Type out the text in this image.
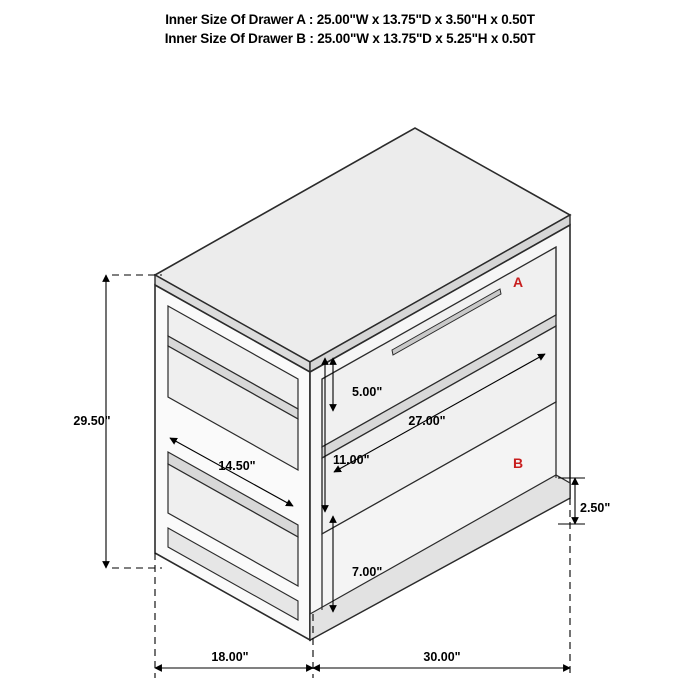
Inner Size Of Drawer A : 25.00"W x 13.75"D x 3.50"H x 0.50T
Inner Size Of Drawer B : 25.00"W x 13.75"D x 5.25"H x 0.50T
29.50"
14.50"
27.00"
5.00"
11.00"
7.00"
2.50"
18.00"	30.00"
A
B
